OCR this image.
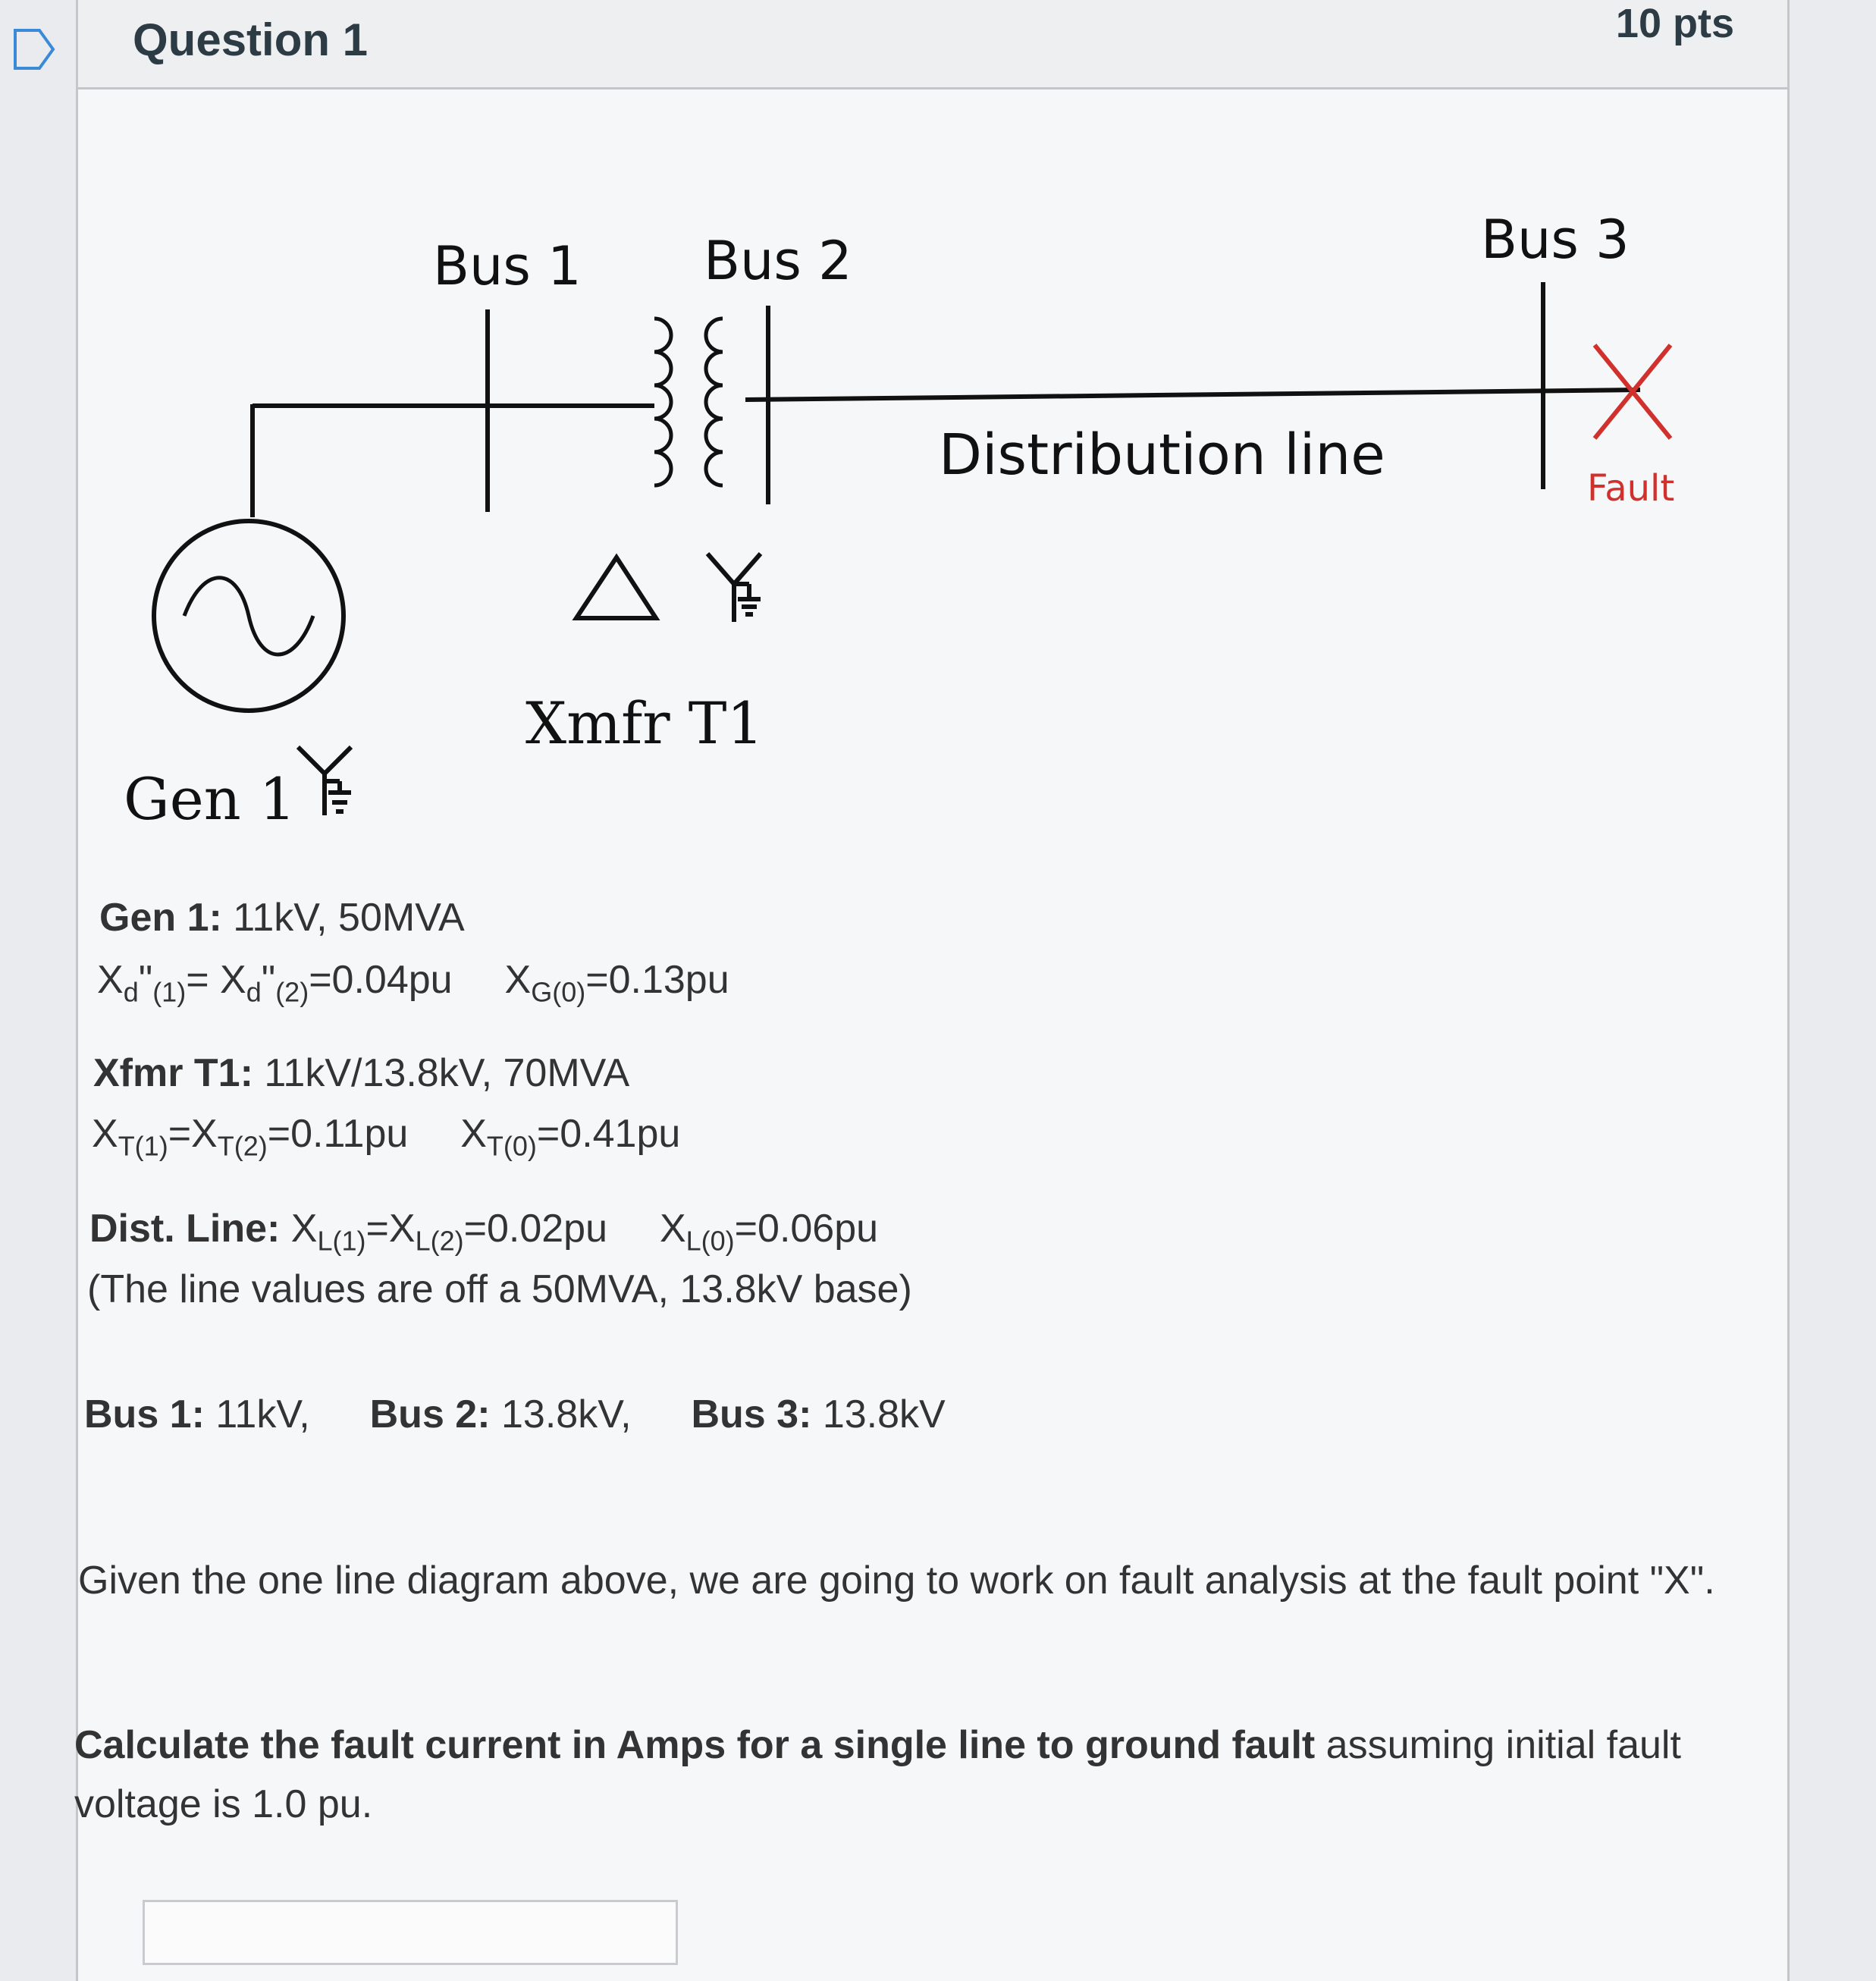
Question 1	10 pts
Bus 1 Bus 2	Bus 3
Distribution line
Fault
Xmfr T1
Gen 1
Gen 1: 11kV, 50MVA
$X_d"_{(1)}=$ $X_d"_{(2)}=0.04pu$ $X_{G(0)}=0.13pu$
Xfmr T1: 11kV/13.8kV, 70MVA
$X_{T(1)}=X_{T(2)}=0.11pu$ $X_{T(0)}=0.41pu$
Dist. Line: $X_{L(1)}=X_{L(2)}=0.02pu$ $X_{L(0)}=0.06pu$
(The line values are off a 50MVA, 13.8kV base)
Bus 1: 11kV, Bus 2: 13.8kV, Bus 3: 13.8kV
Given the one line diagram above, we are going to work on fault analysis at the fault point "X".
Calculate the fault current in Amps for a single line to ground fault assuming initial fault voltage is 1.0 pu.
